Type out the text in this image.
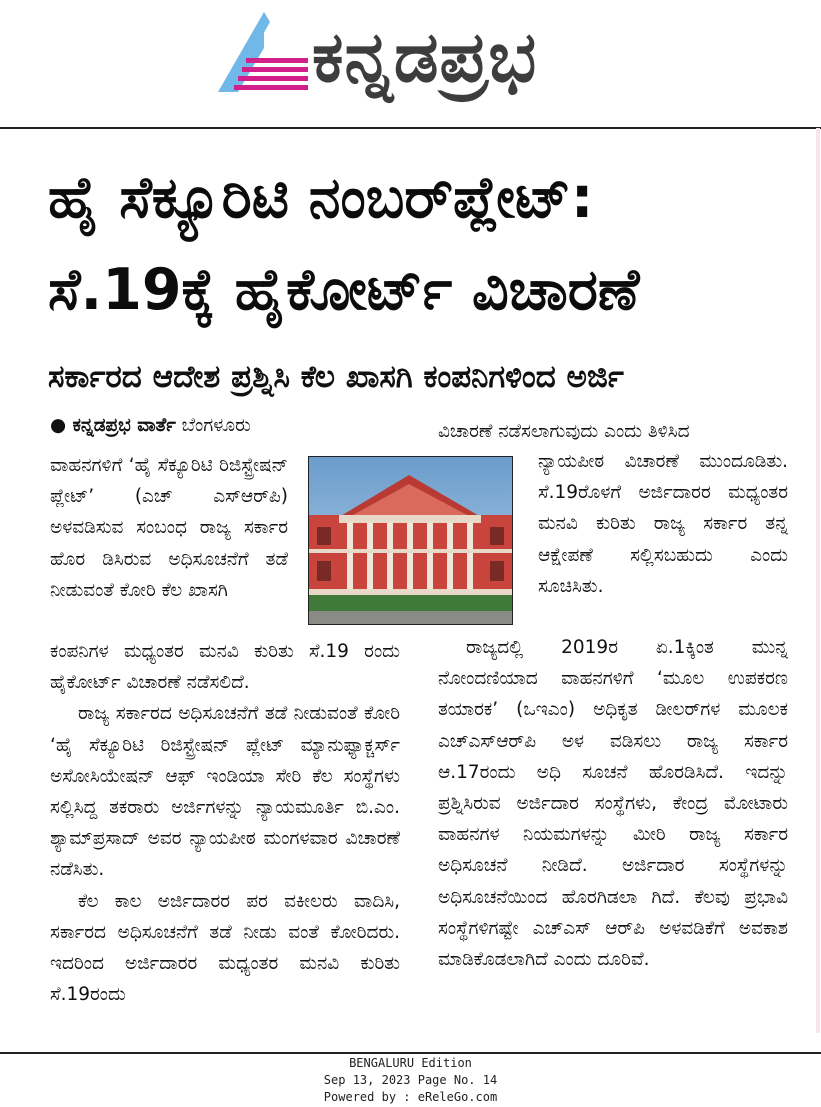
ಕನ್ನಡಪ್ರಭ
ಹೈ ಸೆಕ್ಯೂರಿಟಿ ನಂಬರ್‌ಪ್ಲೇಟ್:
ಸೆ.19ಕ್ಕೆ ಹೈಕೋರ್ಟ್ ವಿಚಾರಣೆ
ಸರ್ಕಾರದ ಆದೇಶ ಪ್ರಶ್ನಿಸಿ ಕೆಲ ಖಾಸಗಿ ಕಂಪನಿಗಳಿಂದ ಅರ್ಜಿ
● ಕನ್ನಡಪ್ರಭ ವಾರ್ತೆ ಬೆಂಗಳೂರು

ವಾಹನಗಳಿಗೆ ‘ಹೈ ಸೆಕ್ಯೂರಿಟಿ ರಿಜಿಸ್ಟ್ರೇಷನ್ ಪ್ಲೇಟ್’ (ಎಚ್ ಎಸ್‌ಆರ್‌ಪಿ) ಅಳವಡಿಸುವ ಸಂಬಂಧ ರಾಜ್ಯ ಸರ್ಕಾರ ಹೊರ ಡಿಸಿರುವ ಅಧಿಸೂಚನೆಗೆ ತಡೆ ನೀಡುವಂತೆ ಕೋರಿ ಕೆಲ ಖಾಸಗಿ

ಕಂಪನಿಗಳ ಮಧ್ಯಂತರ ಮನವಿ ಕುರಿತು ಸೆ.19 ರಂದು ಹೈಕೋರ್ಟ್ ವಿಚಾರಣೆ ನಡೆಸಲಿದೆ.

ರಾಜ್ಯ ಸರ್ಕಾರದ ಅಧಿಸೂಚನೆಗೆ ತಡೆ ನೀಡುವಂತೆ ಕೋರಿ ‘ಹೈ ಸೆಕ್ಯೂರಿಟಿ ರಿಜಿಸ್ಟ್ರೇಷನ್ ಪ್ಲೇಟ್ ಮ್ಯಾನುಫ್ಯಾಕ್ಚರ್ಸ್ ಅಸೋಸಿಯೇಷನ್ ಆಫ್ ಇಂಡಿಯಾ ಸೇರಿ ಕೆಲ ಸಂಸ್ಥೆಗಳು ಸಲ್ಲಿಸಿದ್ದ ತಕರಾರು ಅರ್ಜಿಗಳನ್ನು ನ್ಯಾಯಮೂರ್ತಿ ಬಿ.ಎಂ. ಶ್ಯಾಮ್‌ಪ್ರಸಾದ್ ಅವರ ನ್ಯಾಯಪೀಠ ಮಂಗಳವಾರ ವಿಚಾರಣೆ ನಡೆಸಿತು.

ಕೆಲ ಕಾಲ ಅರ್ಜಿದಾರರ ಪರ ವಕೀಲರು ವಾದಿಸಿ, ಸರ್ಕಾರದ ಅಧಿಸೂಚನೆಗೆ ತಡೆ ನೀಡು ವಂತೆ ಕೋರಿದರು. ಇದರಿಂದ ಅರ್ಜಿದಾರರ ಮಧ್ಯಂತರ ಮನವಿ ಕುರಿತು ಸೆ.19ರಂದು

ವಿಚಾರಣೆ ನಡೆಸಲಾಗುವುದು ಎಂದು ತಿಳಿಸಿದ

ನ್ಯಾಯಪೀಠ ವಿಚಾರಣೆ ಮುಂದೂಡಿತು. ಸೆ.19ರೊಳಗೆ ಅರ್ಜಿದಾರರ ಮಧ್ಯಂತರ ಮನವಿ ಕುರಿತು ರಾಜ್ಯ ಸರ್ಕಾರ ತನ್ನ ಆಕ್ಷೇಪಣೆ ಸಲ್ಲಿಸಬಹುದು ಎಂದು ಸೂಚಿಸಿತು.

ರಾಜ್ಯದಲ್ಲಿ 2019ರ ಏ.1ಕ್ಕಿಂತ ಮುನ್ನ ನೋಂದಣಿಯಾದ ವಾಹನಗಳಿಗೆ ‘ಮೂಲ ಉಪಕರಣ ತಯಾರಕ’ (ಒಇಎಂ) ಅಧಿಕೃತ ಡೀಲರ್‌ಗಳ ಮೂಲಕ ಎಚ್‌ಎಸ್‌ಆರ್‌ಪಿ ಅಳ ವಡಿಸಲು ರಾಜ್ಯ ಸರ್ಕಾರ ಆ.17ರಂದು ಅಧಿ ಸೂಚನೆ ಹೊರಡಿಸಿದೆ. ಇದನ್ನು ಪ್ರಶ್ನಿಸಿರುವ ಅರ್ಜಿದಾರ ಸಂಸ್ಥೆಗಳು, ಕೇಂದ್ರ ಮೋಟಾರು ವಾಹನಗಳ ನಿಯಮಗಳನ್ನು ಮೀರಿ ರಾಜ್ಯ ಸರ್ಕಾರ ಅಧಿಸೂಚನೆ ನೀಡಿದೆ. ಅರ್ಜಿದಾರ ಸಂಸ್ಥೆಗಳನ್ನು ಅಧಿಸೂಚನೆಯಿಂದ ಹೊರಗಿಡಲಾ ಗಿದೆ. ಕೆಲವು ಪ್ರಭಾವಿ ಸಂಸ್ಥೆಗಳಿಗಷ್ಟೇ ಎಚ್‌ಎಸ್ ಆರ್‌ಪಿ ಅಳವಡಿಕೆಗೆ ಅವಕಾಶ ಮಾಡಿಕೊಡಲಾಗಿದೆ ಎಂದು ದೂರಿವೆ.

BENGALURU Edition
Sep 13, 2023 Page No. 14
Powered by : eReleGo.com
